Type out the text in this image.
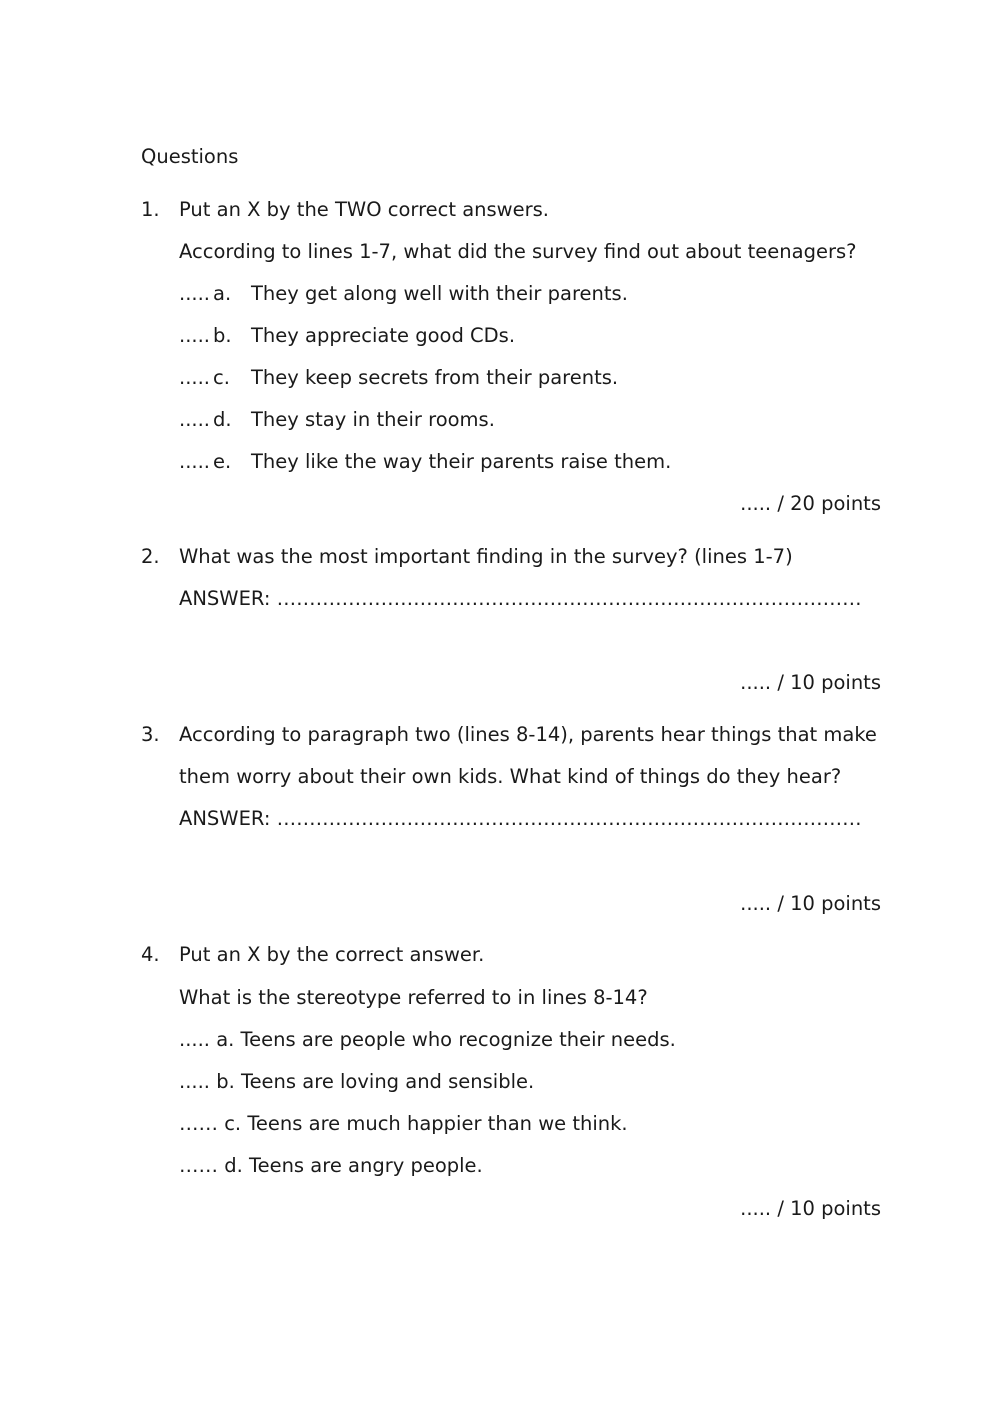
Questions
1. Put an X by the TWO correct answers.
According to lines 1-7, what did the survey find out about teenagers?
..... a. They get along well with their parents.
..... b. They appreciate good CDs.
..... c. They keep secrets from their parents.
..... d. They stay in their rooms.
..... e. They like the way their parents raise them.
..... / 20 points
2. What was the most important finding in the survey? (lines 1-7)
ANSWER: ………………………………………………………………………………
..... / 10 points
3. According to paragraph two (lines 8-14), parents hear things that make
them worry about their own kids. What kind of things do they hear?
ANSWER: ………………………………………………………………………………
..... / 10 points
4. Put an X by the correct answer.
What is the stereotype referred to in lines 8-14?
..... a. Teens are people who recognize their needs.
..... b. Teens are loving and sensible.
…… c. Teens are much happier than we think.
…… d. Teens are angry people.
..... / 10 points
